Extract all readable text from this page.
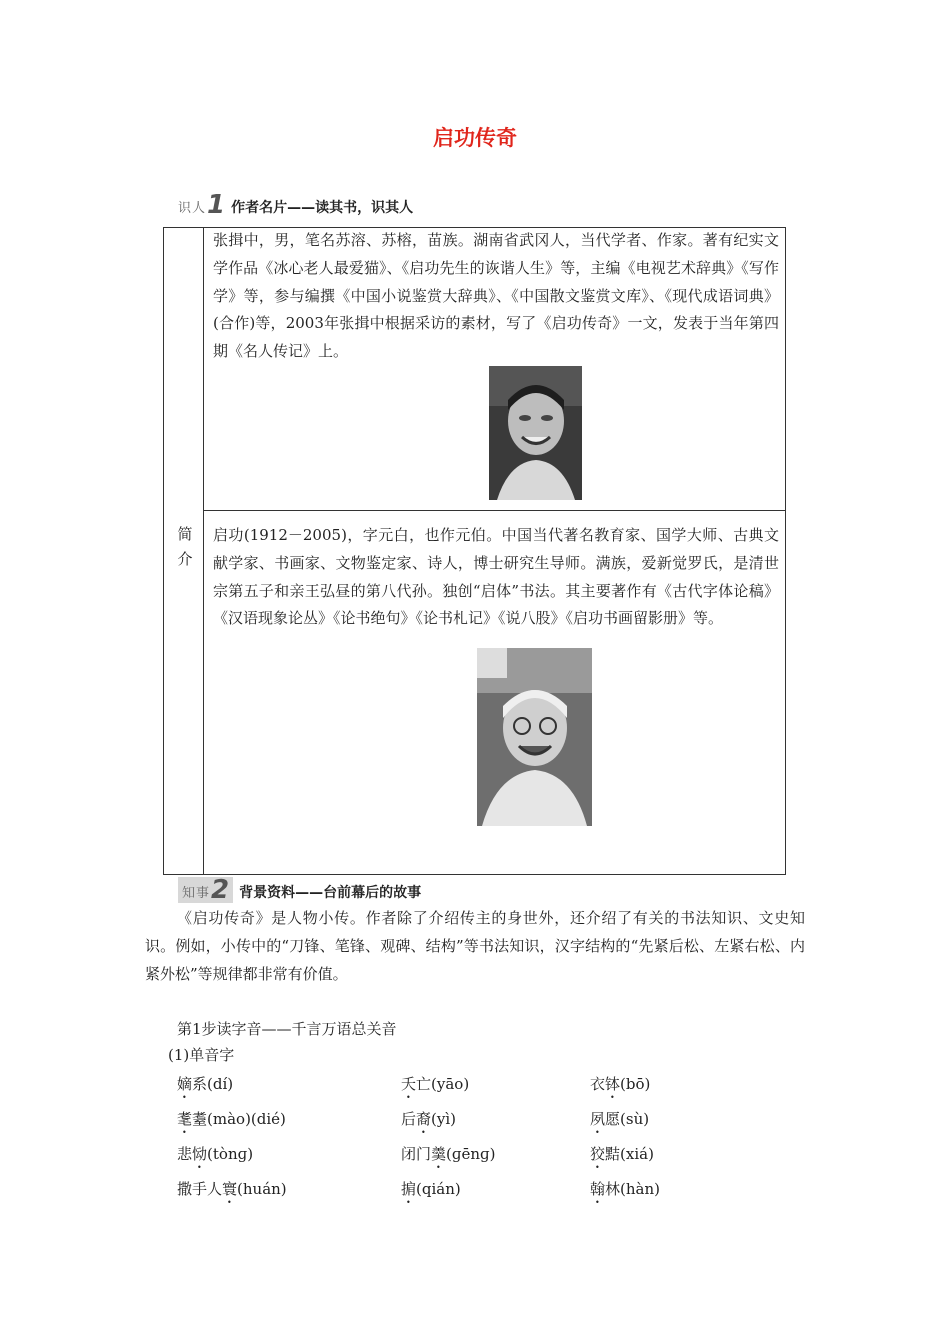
启功传奇
识人 1 作者名片——读其书，识其人
简介
张揖中，男，笔名苏溶、苏榕，苗族。湖南省武冈人，当代学者、作家。著有纪实文学作品《冰心老人最爱猫》、《启功先生的诙谐人生》等，主编《电视艺术辞典》《写作学》等，参与编撰《中国小说鉴赏大辞典》、《中国散文鉴赏文库》、《现代成语词典》(合作)等，2003年张揖中根据采访的素材，写了《启功传奇》一文，发表于当年第四期《名人传记》上。
启功(1912－2005)，字元白，也作元伯。中国当代著名教育家、国学大师、古典文献学家、书画家、文物鉴定家、诗人，博士研究生导师。满族，爱新觉罗氏，是清世宗第五子和亲王弘昼的第八代孙。独创“启体”书法。其主要著作有《古代字体论稿》《汉语现象论丛》《论书绝句》《论书札记》《说八股》《启功书画留影册》等。
知事 2 背景资料——台前幕后的故事
《启功传奇》是人物小传。作者除了介绍传主的身世外，还介绍了有关的书法知识、文史知识。例如，小传中的“刀锋、笔锋、观碑、结构”等书法知识，汉字结构的“先紧后松、左紧右松、内紧外松”等规律都非常有价值。
第1步读字音——千言万语总关音
(1)单音字
嫡系(dí)	夭亡(yāo)	衣钵(bō)
耄耋(mào)(dié)	后裔(yì)	夙愿(sù)
悲恸(tònɡ)	闭门羹(ɡēnɡ)	狡黠(xiá)
撒手人寰(huán)	掮(qián)	翰林(hàn)
